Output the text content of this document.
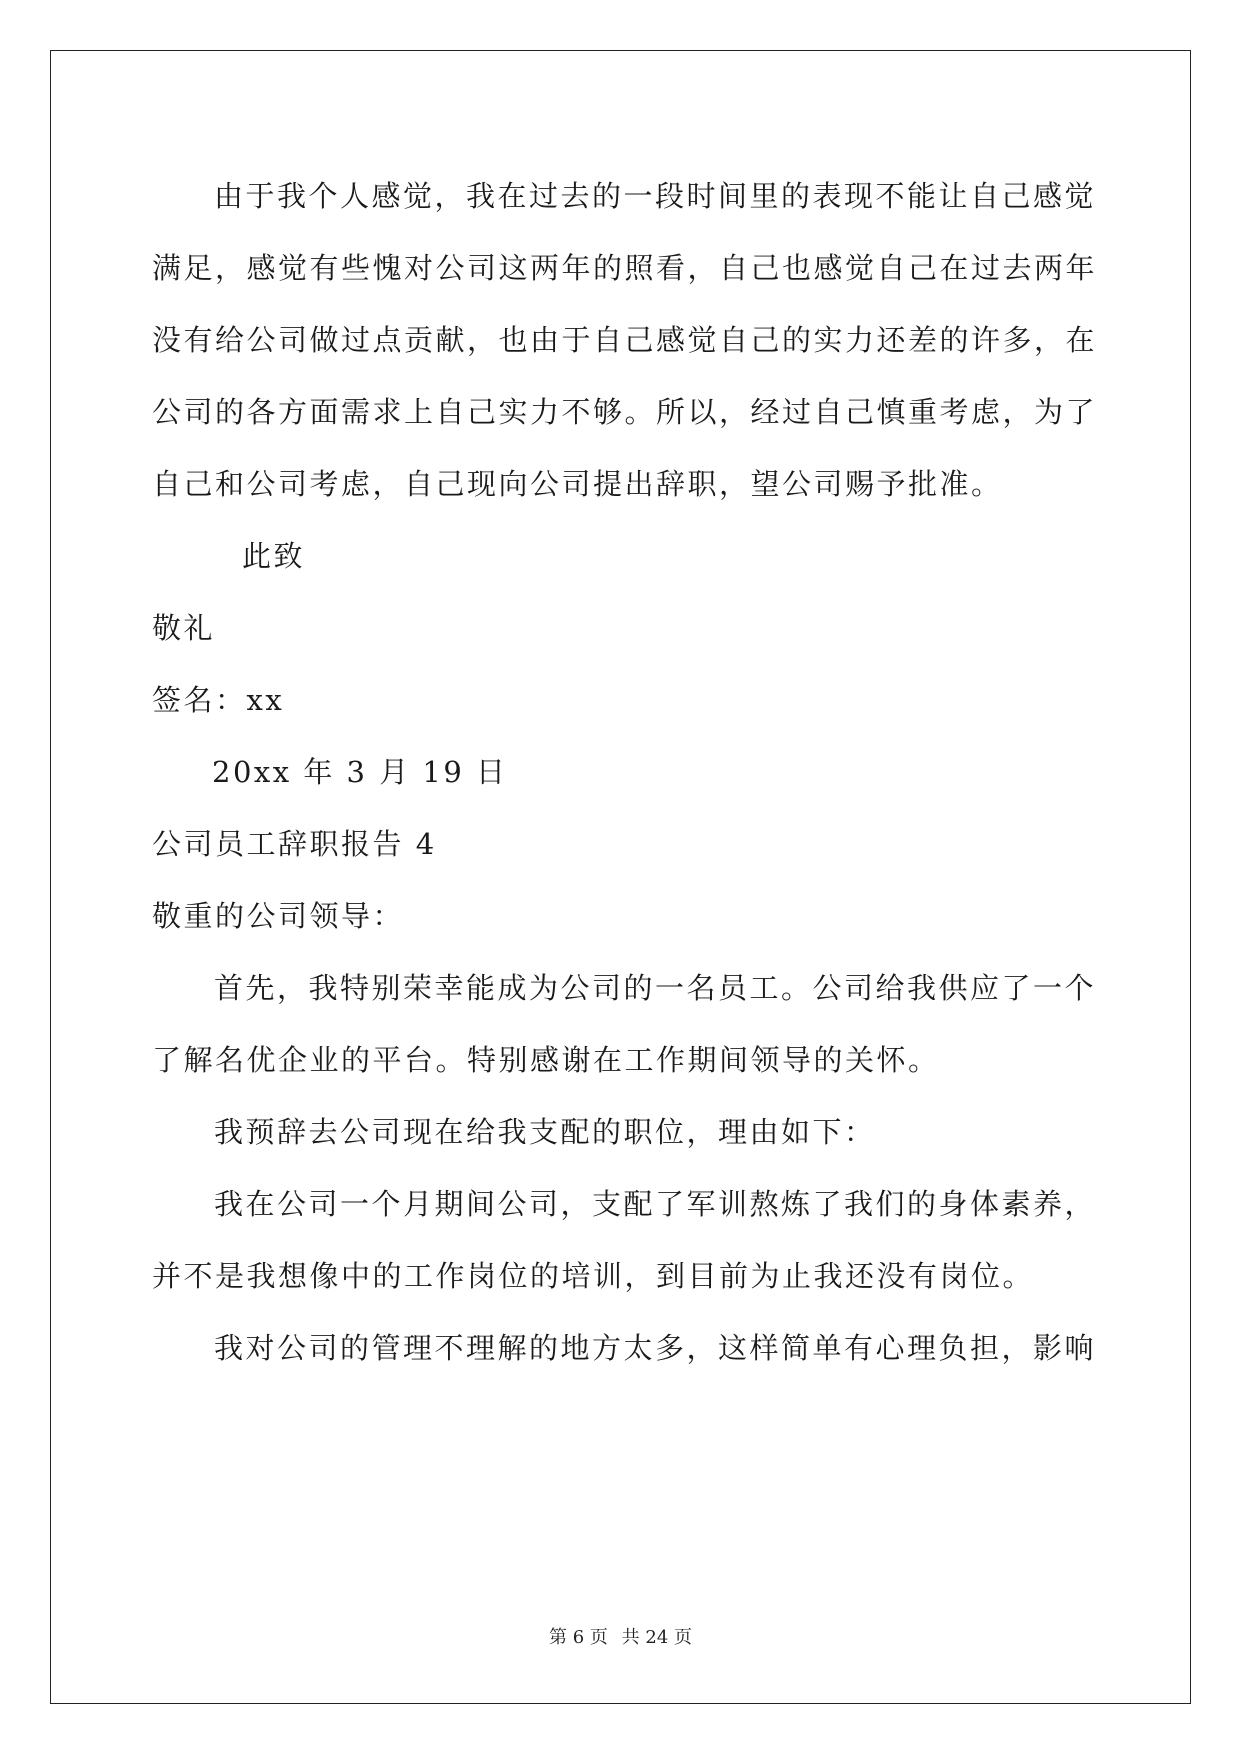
由于我个人感觉，我在过去的一段时间里的表现不能让自己感觉
满足，感觉有些愧对公司这两年的照看，自己也感觉自己在过去两年
没有给公司做过点贡献，也由于自己感觉自己的实力还差的许多，在
公司的各方面需求上自己实力不够。所以，经过自己慎重考虑，为了
自己和公司考虑，自己现向公司提出辞职，望公司赐予批准。
此致
敬礼
签名：xx
20xx 年 3 月 19 日
公司员工辞职报告 4
敬重的公司领导：
首先，我特别荣幸能成为公司的一名员工。公司给我供应了一个
了解名优企业的平台。特别感谢在工作期间领导的关怀。
我预辞去公司现在给我支配的职位，理由如下：
我在公司一个月期间公司，支配了军训熬炼了我们的身体素养，
并不是我想像中的工作岗位的培训，到目前为止我还没有岗位。
我对公司的管理不理解的地方太多，这样简单有心理负担，影响
第 6 页 共 24 页
